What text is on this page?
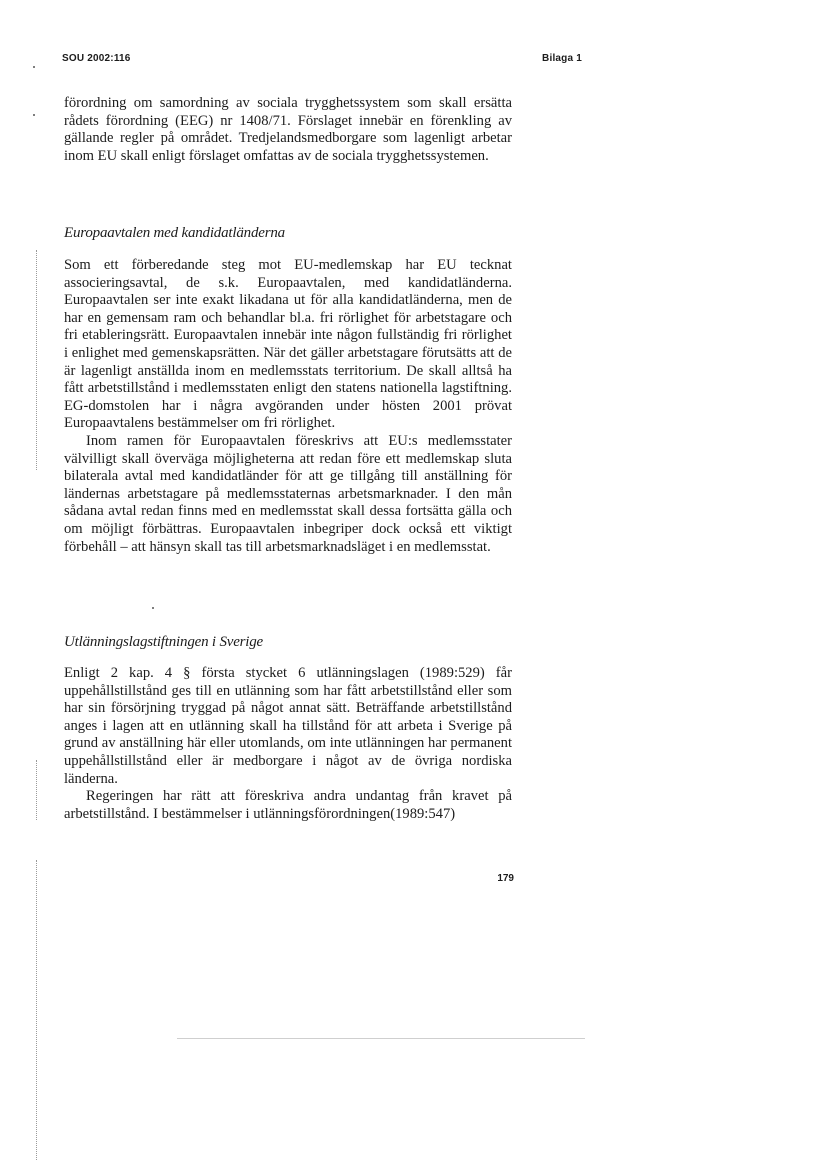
SOU 2002:116	Bilaga 1

förordning om samordning av sociala trygghetssystem som skall ersätta rådets förordning (EEG) nr 1408/71. Förslaget innebär en förenkling av gällande regler på området. Tredjelandsmedborgare som lagenligt arbetar inom EU skall enligt förslaget omfattas av de sociala trygghetssystemen.

Europaavtalen med kandidatländerna

Som ett förberedande steg mot EU-medlemskap har EU tecknat associeringsavtal, de s.k. Europaavtalen, med kandidatländerna. Europaavtalen ser inte exakt likadana ut för alla kandidatländerna, men de har en gemensam ram och behandlar bl.a. fri rörlighet för arbetstagare och fri etableringsrätt. Europaavtalen innebär inte någon fullständig fri rörlighet i enlighet med gemenskapsrätten. När det gäller arbetstagare förutsätts att de är lagenligt anställda inom en medlemsstats territorium. De skall alltså ha fått arbetstillstånd i medlemsstaten enligt den statens nationella lagstiftning. EG-domstolen har i några avgöranden under hösten 2001 prövat Europaavtalens bestämmelser om fri rörlighet.

Inom ramen för Europaavtalen föreskrivs att EU:s medlemsstater välvilligt skall överväga möjligheterna att redan före ett medlemskap sluta bilaterala avtal med kandidatländer för att ge tillgång till anställning för ländernas arbetstagare på medlemsstaternas arbetsmarknader. I den mån sådana avtal redan finns med en medlemsstat skall dessa fortsätta gälla och om möjligt förbättras. Europaavtalen inbegriper dock också ett viktigt förbehåll – att hänsyn skall tas till arbetsmarknadsläget i en medlemsstat.

Utlänningslagstiftningen i Sverige

Enligt 2 kap. 4 § första stycket 6 utlänningslagen (1989:529) får uppehållstillstånd ges till en utlänning som har fått arbetstillstånd eller som har sin försörjning tryggad på något annat sätt. Beträffande arbetstillstånd anges i lagen att en utlänning skall ha tillstånd för att arbeta i Sverige på grund av anställning här eller utomlands, om inte utlänningen har permanent uppehållstillstånd eller är medborgare i något av de övriga nordiska länderna.

Regeringen har rätt att föreskriva andra undantag från kravet på arbetstillstånd. I bestämmelser i utlänningsförordningen(1989:547)

179
